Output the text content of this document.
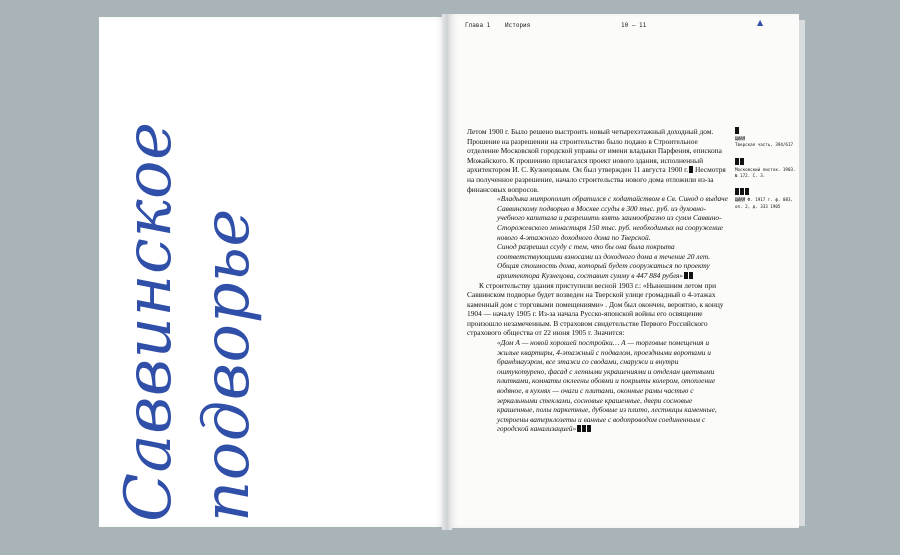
Саввинское подворье
Глава 1 История	10 — 11	▲

Летом 1900 г. Было решено выстроить новый четырехэтажный доходный дом. Прошение на разрешении на строительство было подано в Строительное отделение Московской городской управы от имени владыки Парфения, епископа Можайского. К прошению прилагался проект нового здания, исполненный архитектором И. С. Кузнецовым. Он был утвержден 11 августа 1900 г. Несмотря на полученное разрешение, начало строительства нового дома отложили из-за финансовых вопросов.

«Владыка митрополит обратился с ходатайством в Св. Синод о выдаче Саввинскому подворью в Москве ссуды в 300 тыс. руб. из духовно-учебного капитала и разрешить взять заимообразно из сумм Саввино-Сторожевского монастыря 150 тыс. руб. необходимых на сооружение нового 4-этажного доходного дома по Тверской.
Синод разрешил ссуду с тем, что бы она была покрыта соответствующими взносами из доходного дома в течение 20 лет. Общая стоимость дома, который будет сооружаться по проекту архитектора Кузнецова, составит сумму в 447 884 рубля»

К строительству здания приступили весной 1903 г.: «Нынешним летом при Саввинском подворье будет возведен на Тверской улице громадный о 4-этажах каменный дом с торговыми помещениями» . Дом был окончен, вероятно, к концу 1904 — началу 1905 г. Из-за начала Русско-японской войны его освящение произошло незамеченным. В страховом свидетельстве Первого Российского страхового общества от 22 июня 1905 г. Значится:

«Дом А — новой хорошей постройки… А — торговые помещения и жилые квартиры, 4-этажный с подвалом, проездными воротами и брандмауэром, все этажи со сводами, снаружи и внутри оштукотурено, фасад с лепными украшениями и отделан цветными плитками, комнаты оклеены обоями и покрыты колером, отопление водяное, в кухнях — очаги с плитами, оконные рамы частью с зеркальными стеклами, сосновые крашенные, двери сосновые крашенные, полы паркетные, дубовые из плито, лестницы каменные, устроены ватерклозеты и ванные с водопроводом соединенным с городской канализацией»

ЦИАМ
Тверская часть, 394/617

Московский листок. 1903. № 172. С. 3.

ЦИАМ Ф. 1917 г. ф. 083, оп. 2, д. 333 1905
